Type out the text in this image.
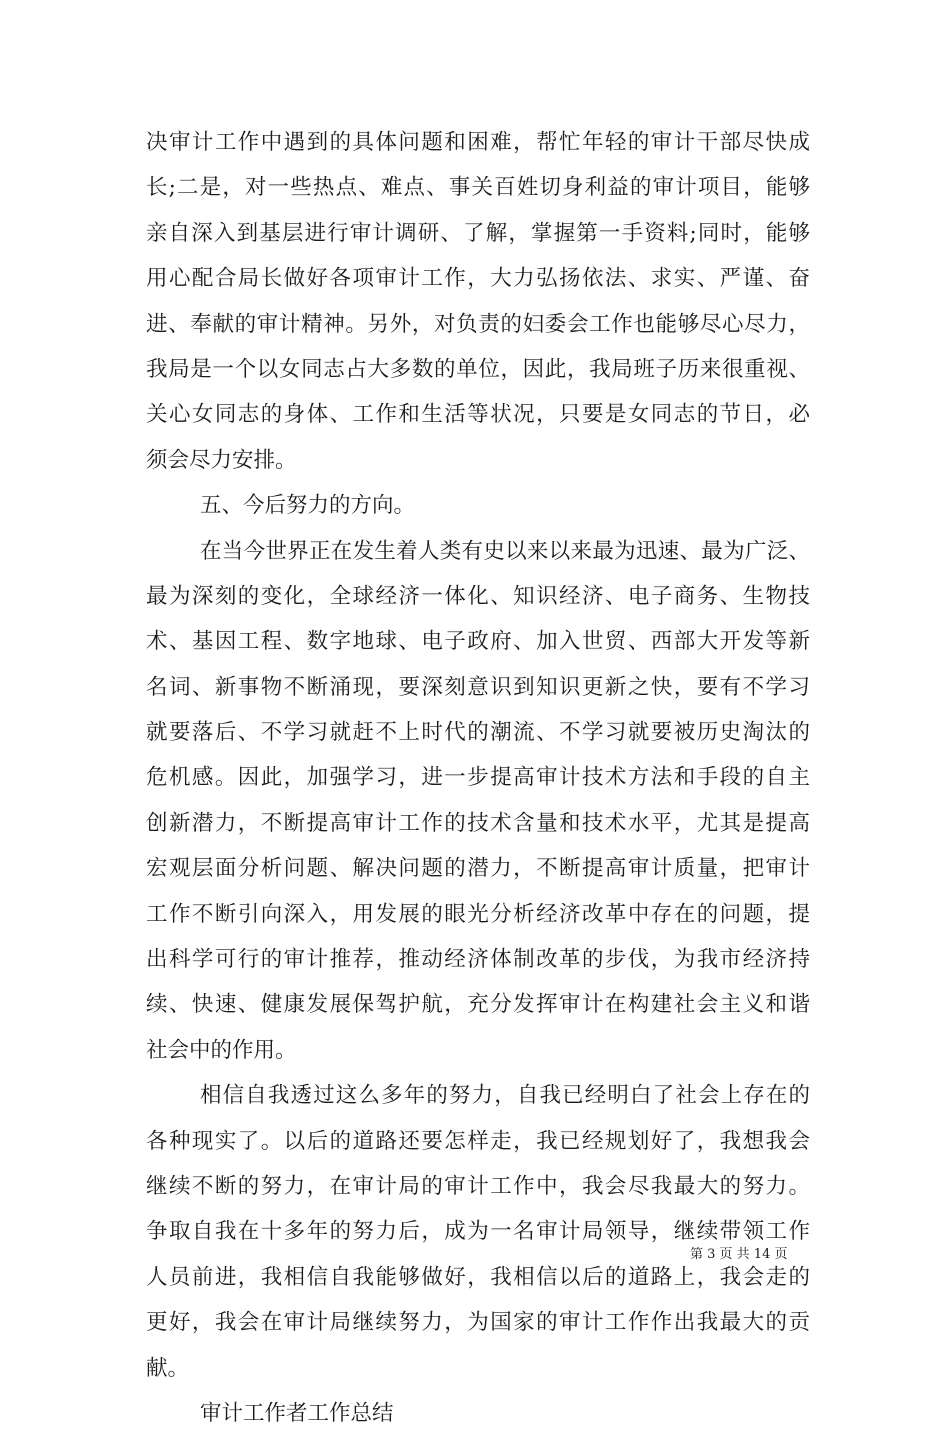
决审计工作中遇到的具体问题和困难，帮忙年轻的审计干部尽快成
长;二是，对一些热点、难点、事关百姓切身利益的审计项目，能够
亲自深入到基层进行审计调研、了解，掌握第一手资料;同时，能够
用心配合局长做好各项审计工作，大力弘扬依法、求实、严谨、奋
进、奉献的审计精神。另外，对负责的妇委会工作也能够尽心尽力，
我局是一个以女同志占大多数的单位，因此，我局班子历来很重视、
关心女同志的身体、工作和生活等状况，只要是女同志的节日，必
须会尽力安排。
五、今后努力的方向。
在当今世界正在发生着人类有史以来以来最为迅速、最为广泛、
最为深刻的变化，全球经济一体化、知识经济、电子商务、生物技
术、基因工程、数字地球、电子政府、加入世贸、西部大开发等新
名词、新事物不断涌现，要深刻意识到知识更新之快，要有不学习
就要落后、不学习就赶不上时代的潮流、不学习就要被历史淘汰的
危机感。因此，加强学习，进一步提高审计技术方法和手段的自主
创新潜力，不断提高审计工作的技术含量和技术水平，尤其是提高
宏观层面分析问题、解决问题的潜力，不断提高审计质量，把审计
工作不断引向深入，用发展的眼光分析经济改革中存在的问题，提
出科学可行的审计推荐，推动经济体制改革的步伐，为我市经济持
续、快速、健康发展保驾护航，充分发挥审计在构建社会主义和谐
社会中的作用。
相信自我透过这么多年的努力，自我已经明白了社会上存在的
各种现实了。以后的道路还要怎样走，我已经规划好了，我想我会
继续不断的努力，在审计局的审计工作中，我会尽我最大的努力。
争取自我在十多年的努力后，成为一名审计局领导，继续带领工作
人员前进，我相信自我能够做好，我相信以后的道路上，我会走的
更好，我会在审计局继续努力，为国家的审计工作作出我最大的贡
献。
审计工作者工作总结
第 3 页 共 14 页
